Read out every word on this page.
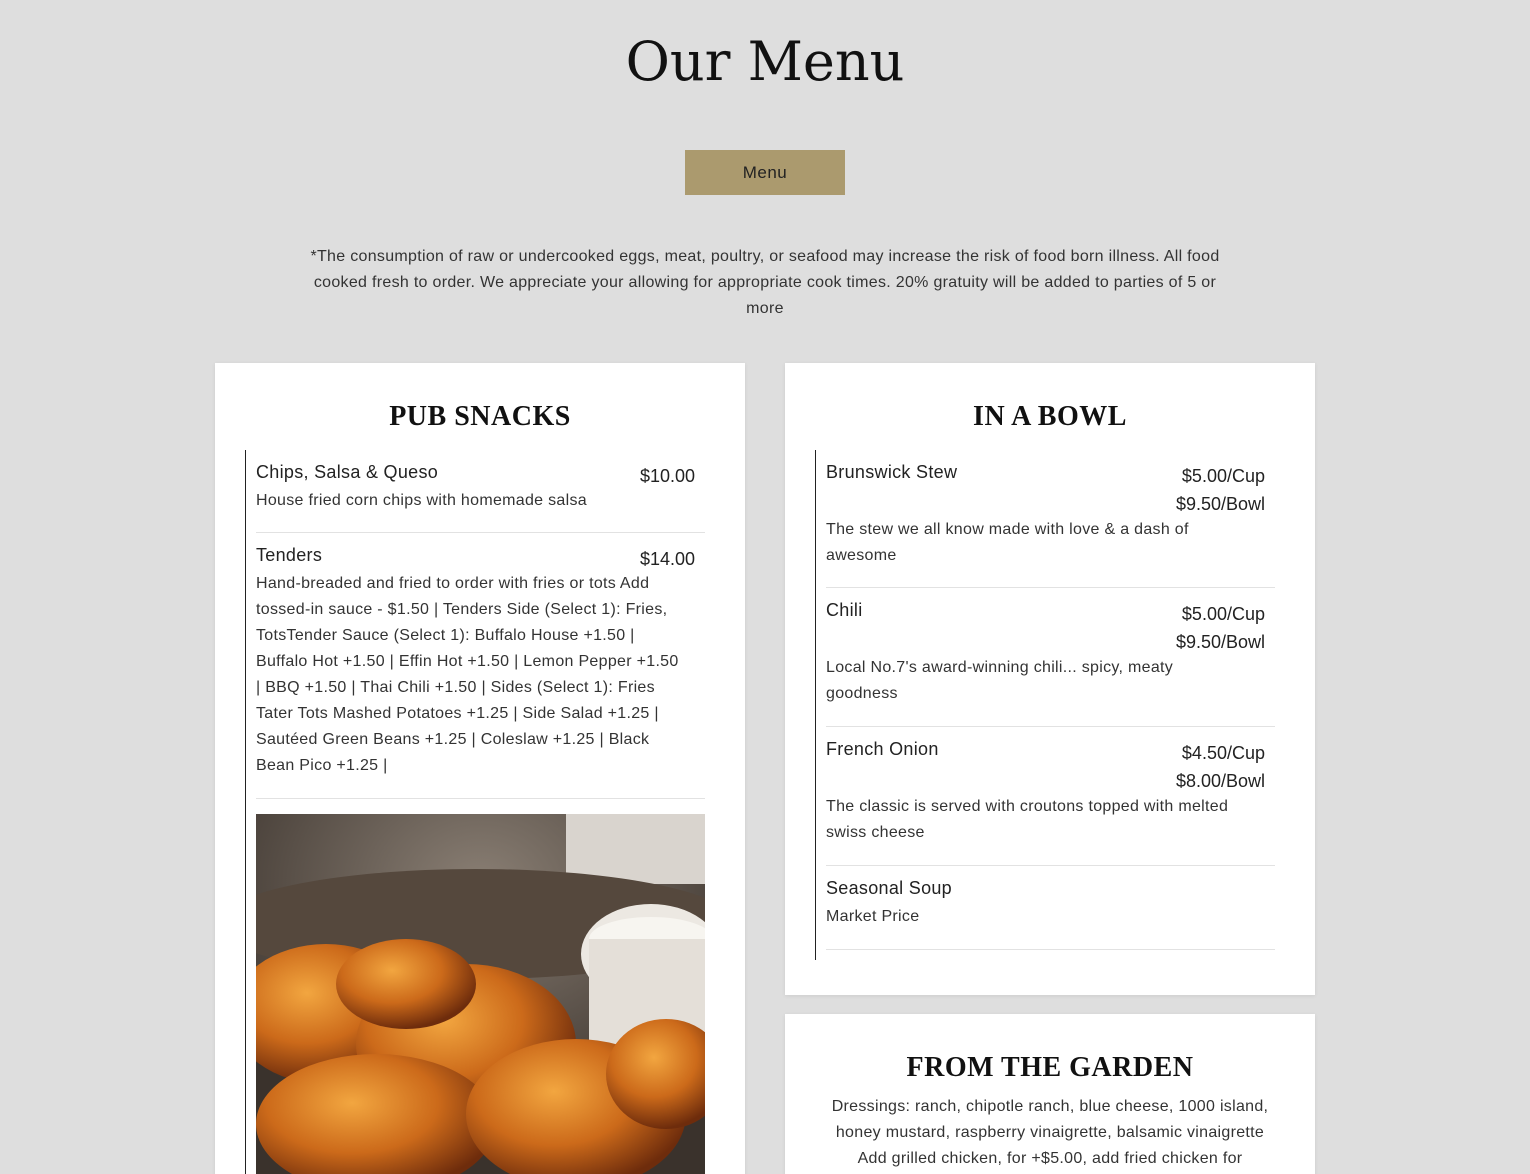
Our Menu
Menu

*The consumption of raw or undercooked eggs, meat, poultry, or seafood may increase the risk of food born illness. All food cooked fresh to order. We appreciate your allowing for appropriate cook times. 20% gratuity will be added to parties of 5 or more

PUB SNACKS
Chips, Salsa & Queso	$10.00
House fried corn chips with homemade salsa
Tenders	$14.00
Hand-breaded and fried to order with fries or tots Add tossed-in sauce - $1.50 | Tenders Side (Select 1): Fries, TotsTender Sauce (Select 1): Buffalo House +1.50 | Buffalo Hot +1.50 | Effin Hot +1.50 | Lemon Pepper +1.50 | BBQ +1.50 | Thai Chili +1.50 | Sides (Select 1): Fries Tater Tots Mashed Potatoes +1.25 | Side Salad +1.25 | Sautéed Green Beans +1.25 | Coleslaw +1.25 | Black Bean Pico +1.25 |
IN A BOWL
Brunswick Stew	$5.00/Cup
$9.50/Bowl
The stew we all know made with love & a dash of awesome
Chili	$5.00/Cup
$9.50/Bowl
Local No.7's award-winning chili... spicy, meaty goodness
French Onion	$4.50/Cup
$8.00/Bowl
The classic is served with croutons topped with melted swiss cheese
Seasonal Soup
Market Price
FROM THE GARDEN
Dressings: ranch, chipotle ranch, blue cheese, 1000 island,
honey mustard, raspberry vinaigrette, balsamic vinaigrette
Add grilled chicken, for +$5.00, add fried chicken for
